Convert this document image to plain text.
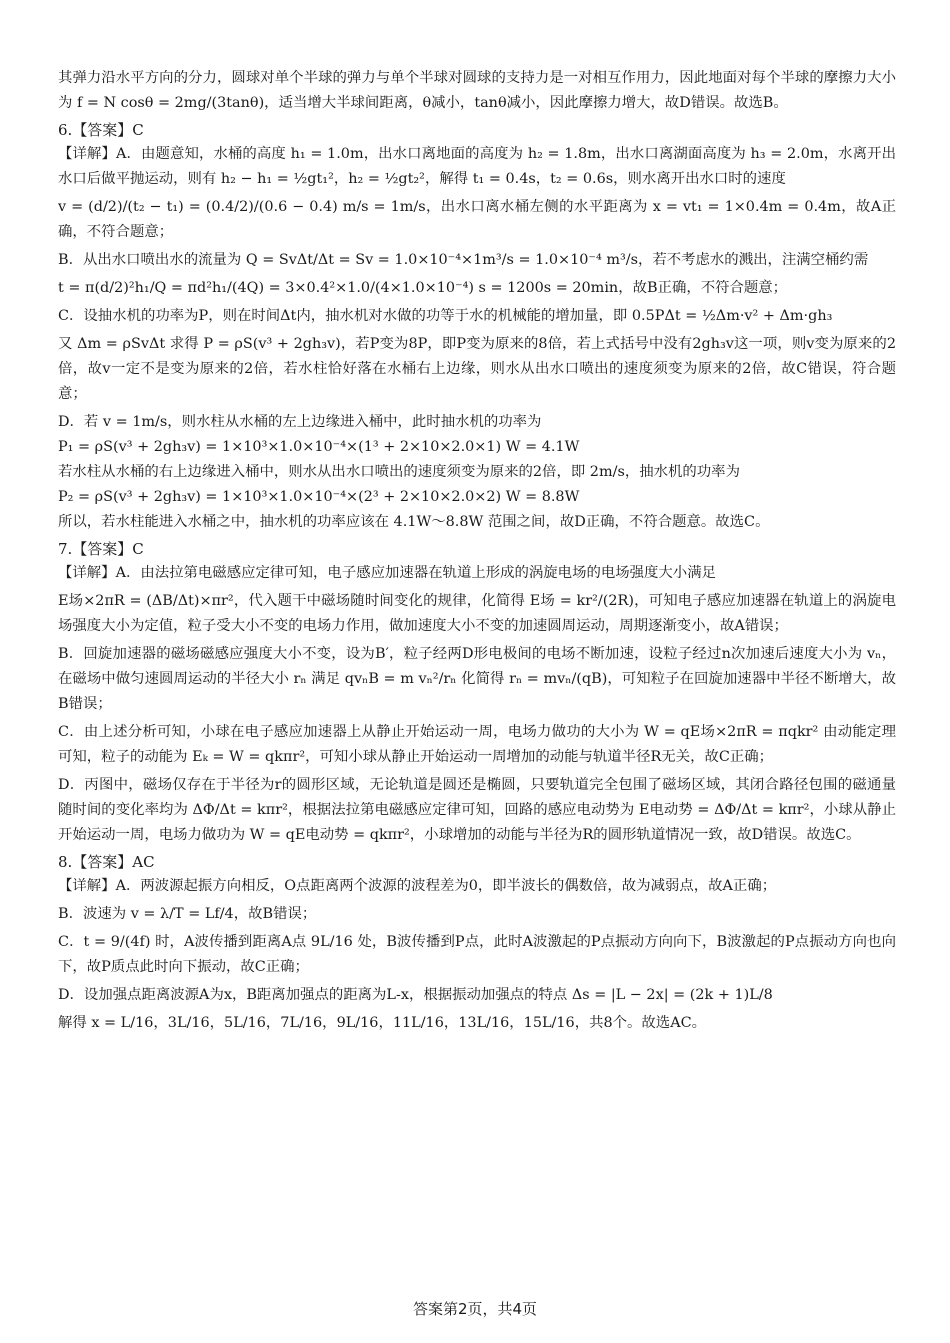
其弹力沿水平方向的分力，圆球对单个半球的弹力与单个半球对圆球的支持力是一对相互作用力，因此地面对每个半球的摩擦力大小为 f = N cosθ = 2mg/(3tanθ)，适当增大半球间距离，θ减小，tanθ减小，因此摩擦力增大，故D错误。故选B。

6.【答案】C

【详解】A．由题意知，水桶的高度 h₁ = 1.0m，出水口离地面的高度为 h₂ = 1.8m，出水口离湖面高度为 h₃ = 2.0m，水离开出水口后做平抛运动，则有 h₂ − h₁ = ½gt₁²，h₂ = ½gt₂²，解得 t₁ = 0.4s，t₂ = 0.6s，则水离开出水口时的速度

v = (d/2)/(t₂ − t₁) = (0.4/2)/(0.6 − 0.4) m/s = 1m/s，出水口离水桶左侧的水平距离为 x = vt₁ = 1×0.4m = 0.4m，故A正确，不符合题意；

B．从出水口喷出水的流量为 Q = SvΔt/Δt = Sv = 1.0×10⁻⁴×1m³/s = 1.0×10⁻⁴ m³/s，若不考虑水的溅出，注满空桶约需

t = π(d/2)²h₁/Q = πd²h₁/(4Q) = 3×0.4²×1.0/(4×1.0×10⁻⁴) s = 1200s = 20min，故B正确，不符合题意；

C．设抽水机的功率为P，则在时间Δt内，抽水机对水做的功等于水的机械能的增加量，即 0.5PΔt = ½Δm·v² + Δm·gh₃

又 Δm = ρSvΔt 求得 P = ρS(v³ + 2gh₃v)，若P变为8P，即P变为原来的8倍，若上式括号中没有2gh₃v这一项，则v变为原来的2倍，故v一定不是变为原来的2倍，若水柱恰好落在水桶右上边缘，则水从出水口喷出的速度须变为原来的2倍，故C错误，符合题意；

D．若 v = 1m/s，则水柱从水桶的左上边缘进入桶中，此时抽水机的功率为

P₁ = ρS(v³ + 2gh₃v) = 1×10³×1.0×10⁻⁴×(1³ + 2×10×2.0×1) W = 4.1W

若水柱从水桶的右上边缘进入桶中，则水从出水口喷出的速度须变为原来的2倍，即 2m/s，抽水机的功率为

P₂ = ρS(v³ + 2gh₃v) = 1×10³×1.0×10⁻⁴×(2³ + 2×10×2.0×2) W = 8.8W

所以，若水柱能进入水桶之中，抽水机的功率应该在 4.1W～8.8W 范围之间，故D正确，不符合题意。故选C。

7.【答案】C

【详解】A．由法拉第电磁感应定律可知，电子感应加速器在轨道上形成的涡旋电场的电场强度大小满足

E场×2πR = (ΔB/Δt)×πr²，代入题干中磁场随时间变化的规律，化简得 E场 = kr²/(2R)，可知电子感应加速器在轨道上的涡旋电场强度大小为定值，粒子受大小不变的电场力作用，做加速度大小不变的加速圆周运动，周期逐渐变小，故A错误；

B．回旋加速器的磁场磁感应强度大小不变，设为B′，粒子经两D形电极间的电场不断加速，设粒子经过n次加速后速度大小为 vₙ，在磁场中做匀速圆周运动的半径大小 rₙ 满足 qvₙB = m vₙ²/rₙ 化简得 rₙ = mvₙ/(qB)，可知粒子在回旋加速器中半径不断增大，故B错误；

C．由上述分析可知，小球在电子感应加速器上从静止开始运动一周，电场力做功的大小为 W = qE场×2πR = πqkr² 由动能定理可知，粒子的动能为 Eₖ = W = qkπr²，可知小球从静止开始运动一周增加的动能与轨道半径R无关，故C正确；

D．丙图中，磁场仅存在于半径为r的圆形区域，无论轨道是圆还是椭圆，只要轨道完全包围了磁场区域，其闭合路径包围的磁通量随时间的变化率均为 ΔΦ/Δt = kπr²，根据法拉第电磁感应定律可知，回路的感应电动势为 E电动势 = ΔΦ/Δt = kπr²，小球从静止开始运动一周，电场力做功为 W = qE电动势 = qkπr²，小球增加的动能与半径为R的圆形轨道情况一致，故D错误。故选C。

8.【答案】AC

【详解】A．两波源起振方向相反，O点距离两个波源的波程差为0，即半波长的偶数倍，故为减弱点，故A正确；

B．波速为 v = λ/T = Lf/4，故B错误；

C．t = 9/(4f) 时，A波传播到距离A点 9L/16 处，B波传播到P点，此时A波激起的P点振动方向向下，B波激起的P点振动方向也向下，故P质点此时向下振动，故C正确；

D．设加强点距离波源A为x，B距离加强点的距离为L-x，根据振动加强点的特点 Δs = |L − 2x| = (2k + 1)L/8

解得 x = L/16，3L/16，5L/16，7L/16，9L/16，11L/16，13L/16，15L/16，共8个。故选AC。

答案第2页，共4页
